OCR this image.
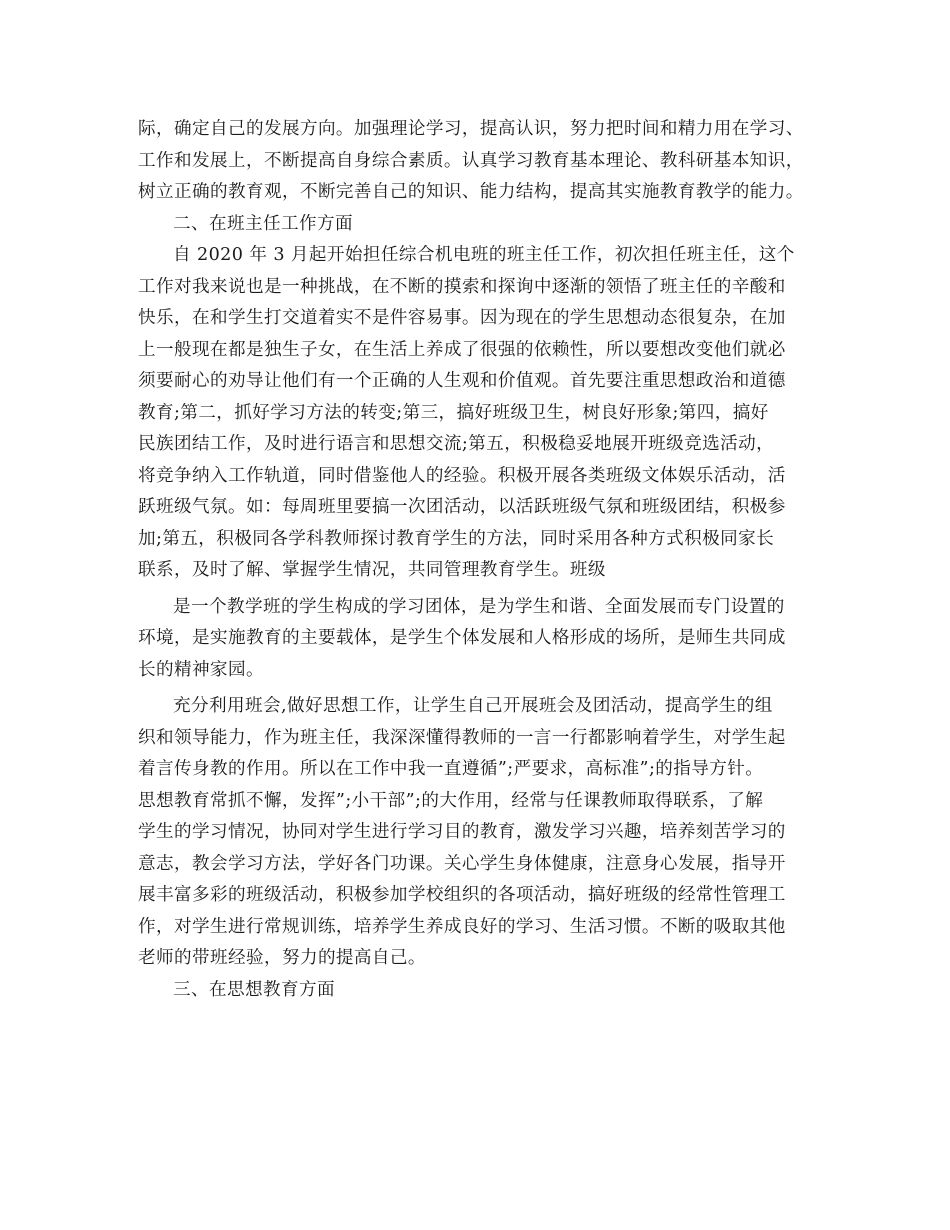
际，确定自己的发展方向。加强理论学习，提高认识，努力把时间和精力用在学习、
工作和发展上，不断提高自身综合素质。认真学习教育基本理论、教科研基本知识，
树立正确的教育观，不断完善自己的知识、能力结构，提高其实施教育教学的能力。
二、在班主任工作方面
自 2020 年 3 月起开始担任综合机电班的班主任工作，初次担任班主任，这个
工作对我来说也是一种挑战，在不断的摸索和探询中逐渐的领悟了班主任的辛酸和
快乐，在和学生打交道着实不是件容易事。因为现在的学生思想动态很复杂，在加
上一般现在都是独生子女，在生活上养成了很强的依赖性，所以要想改变他们就必
须要耐心的劝导让他们有一个正确的人生观和价值观。首先要注重思想政治和道德
教育;第二，抓好学习方法的转变;第三，搞好班级卫生，树良好形象;第四，搞好
民族团结工作，及时进行语言和思想交流;第五，积极稳妥地展开班级竞选活动，
将竞争纳入工作轨道，同时借鉴他人的经验。积极开展各类班级文体娱乐活动，活
跃班级气氛。如：每周班里要搞一次团活动，以活跃班级气氛和班级团结，积极参
加;第五，积极同各学科教师探讨教育学生的方法，同时采用各种方式积极同家长
联系，及时了解、掌握学生情况，共同管理教育学生。班级
是一个教学班的学生构成的学习团体，是为学生和谐、全面发展而专门设置的
环境，是实施教育的主要载体，是学生个体发展和人格形成的场所，是师生共同成
长的精神家园。
充分利用班会,做好思想工作，让学生自己开展班会及团活动，提高学生的组
织和领导能力，作为班主任，我深深懂得教师的一言一行都影响着学生，对学生起
着言传身教的作用。所以在工作中我一直遵循”;严要求，高标准”;的指导方针。
思想教育常抓不懈，发挥”;小干部”;的大作用，经常与任课教师取得联系，了解
学生的学习情况，协同对学生进行学习目的教育，激发学习兴趣，培养刻苦学习的
意志，教会学习方法，学好各门功课。关心学生身体健康，注意身心发展，指导开
展丰富多彩的班级活动，积极参加学校组织的各项活动，搞好班级的经常性管理工
作，对学生进行常规训练，培养学生养成良好的学习、生活习惯。不断的吸取其他
老师的带班经验，努力的提高自己。
三、在思想教育方面
